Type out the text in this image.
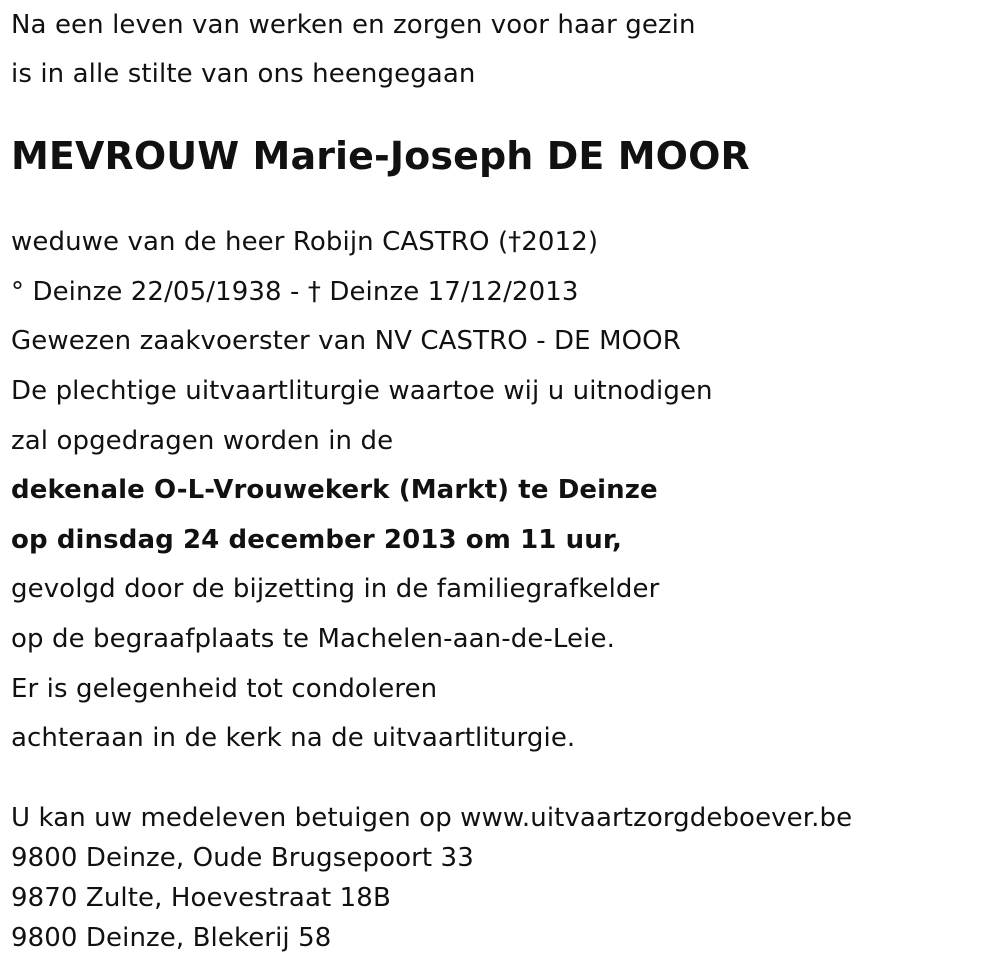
Na een leven van werken en zorgen voor haar gezin
is in alle stilte van ons heengegaan
MEVROUW Marie-Joseph DE MOOR
weduwe van de heer Robijn CASTRO (†2012)
° Deinze 22/05/1938 - † Deinze 17/12/2013
Gewezen zaakvoerster van NV CASTRO - DE MOOR
De plechtige uitvaartliturgie waartoe wij u uitnodigen
zal opgedragen worden in de
dekenale O-L-Vrouwekerk (Markt) te Deinze
op dinsdag 24 december 2013 om 11 uur,
gevolgd door de bijzetting in de familiegrafkelder
op de begraafplaats te Machelen-aan-de-Leie.
Er is gelegenheid tot condoleren
achteraan in de kerk na de uitvaartliturgie.
U kan uw medeleven betuigen op www.uitvaartzorgdeboever.be
9800 Deinze, Oude Brugsepoort 33
9870 Zulte, Hoevestraat 18B
9800 Deinze, Blekerij 58
